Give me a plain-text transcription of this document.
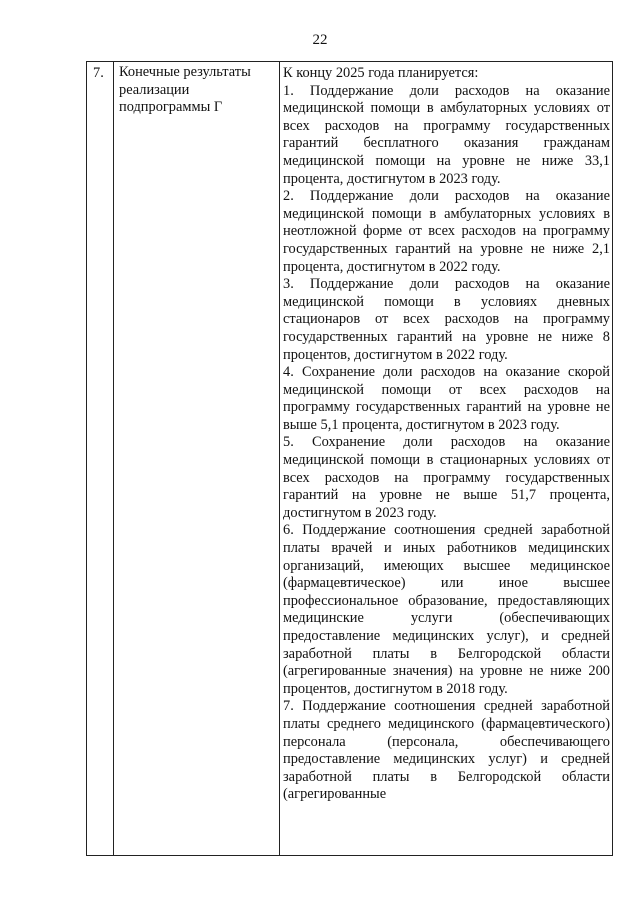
22
7.	Конечные результаты реализации подпрограммы Г

К концу 2025 года планируется:

1. Поддержание доли расходов на оказание медицинской помощи в амбулаторных условиях от всех расходов на программу государственных гарантий бесплатного оказания гражданам медицинской помощи на уровне не ниже 33,1 процента, достигнутом в 2023 году.

2. Поддержание доли расходов на оказание медицинской помощи в амбулаторных условиях в неотложной форме от всех расходов на программу государственных гарантий на уровне не ниже 2,1 процента, достигнутом в 2022 году.

3. Поддержание доли расходов на оказание медицинской помощи в условиях дневных стационаров от всех расходов на программу государственных гарантий на уровне не ниже 8 процентов, достигнутом в 2022 году.

4. Сохранение доли расходов на оказание скорой медицинской помощи от всех расходов на программу государственных гарантий на уровне не выше 5,1 процента, достигнутом в 2023 году.

5. Сохранение доли расходов на оказание медицинской помощи в стационарных условиях от всех расходов на программу государственных гарантий на уровне не выше 51,7 процента, достигнутом в 2023 году.

6. Поддержание соотношения средней заработной платы врачей и иных работников медицинских организаций, имеющих высшее медицинское (фармацевтическое) или иное высшее профессиональное образование, предоставляющих медицинские услуги (обеспечивающих предоставление медицинских услуг), и средней заработной платы в Белгородской области (агрегированные значения) на уровне не ниже 200 процентов, достигнутом в 2018 году.

7. Поддержание соотношения средней заработной платы среднего медицинского (фармацевтического) персонала (персонала, обеспечивающего предоставление медицинских услуг) и средней заработной платы в Белгородской области (агрегированные
